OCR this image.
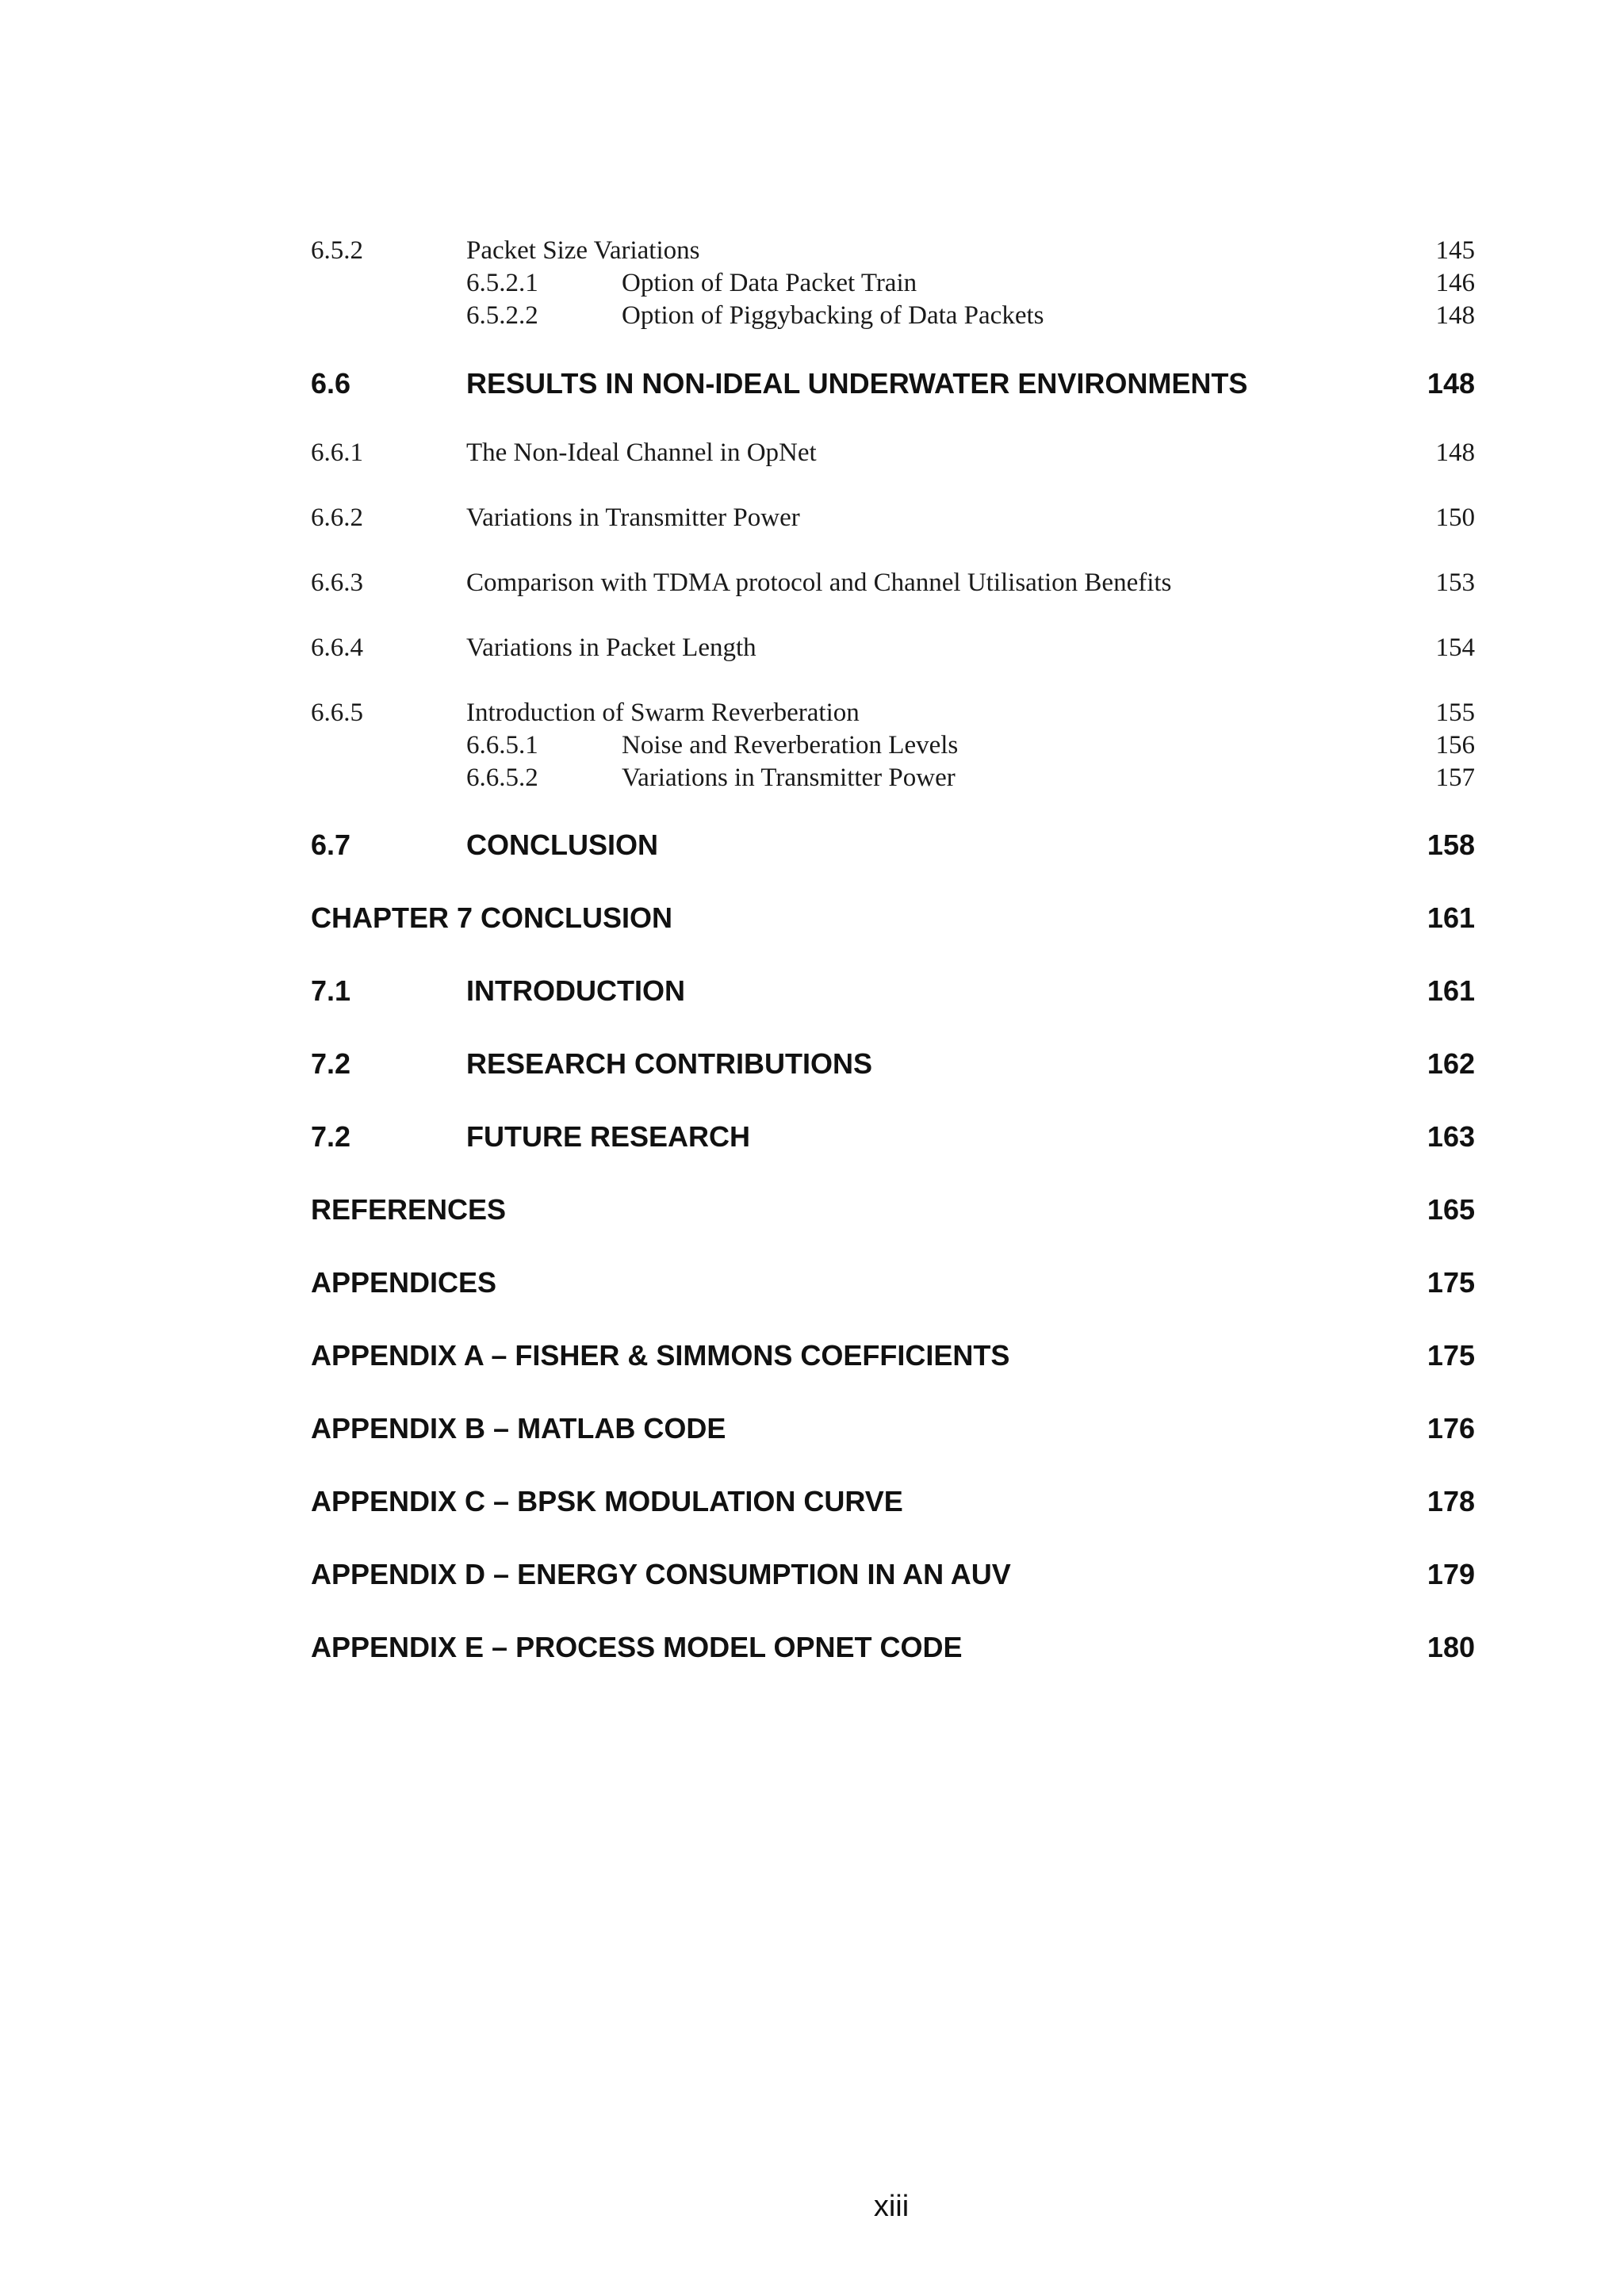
6.5.2	Packet Size Variations	145
6.5.2.1	Option of Data Packet Train	146
6.5.2.2	Option of Piggybacking of Data Packets	148
6.6	RESULTS IN NON-IDEAL UNDERWATER ENVIRONMENTS	148
6.6.1	The Non-Ideal Channel in OpNet	148
6.6.2	Variations in Transmitter Power	150
6.6.3	Comparison with TDMA protocol and Channel Utilisation Benefits	153
6.6.4	Variations in Packet Length	154
6.6.5	Introduction of Swarm Reverberation	155
6.6.5.1	Noise and Reverberation Levels	156
6.6.5.2	Variations in Transmitter Power	157
6.7	CONCLUSION	158
CHAPTER 7 CONCLUSION	161
7.1	INTRODUCTION	161
7.2	RESEARCH CONTRIBUTIONS	162
7.2	FUTURE RESEARCH	163
REFERENCES	165
APPENDICES	175
APPENDIX A – FISHER & SIMMONS COEFFICIENTS	175
APPENDIX B – MATLAB CODE	176
APPENDIX C – BPSK MODULATION CURVE	178
APPENDIX D – ENERGY CONSUMPTION IN AN AUV	179
APPENDIX E – PROCESS MODEL OPNET CODE	180
xiii
